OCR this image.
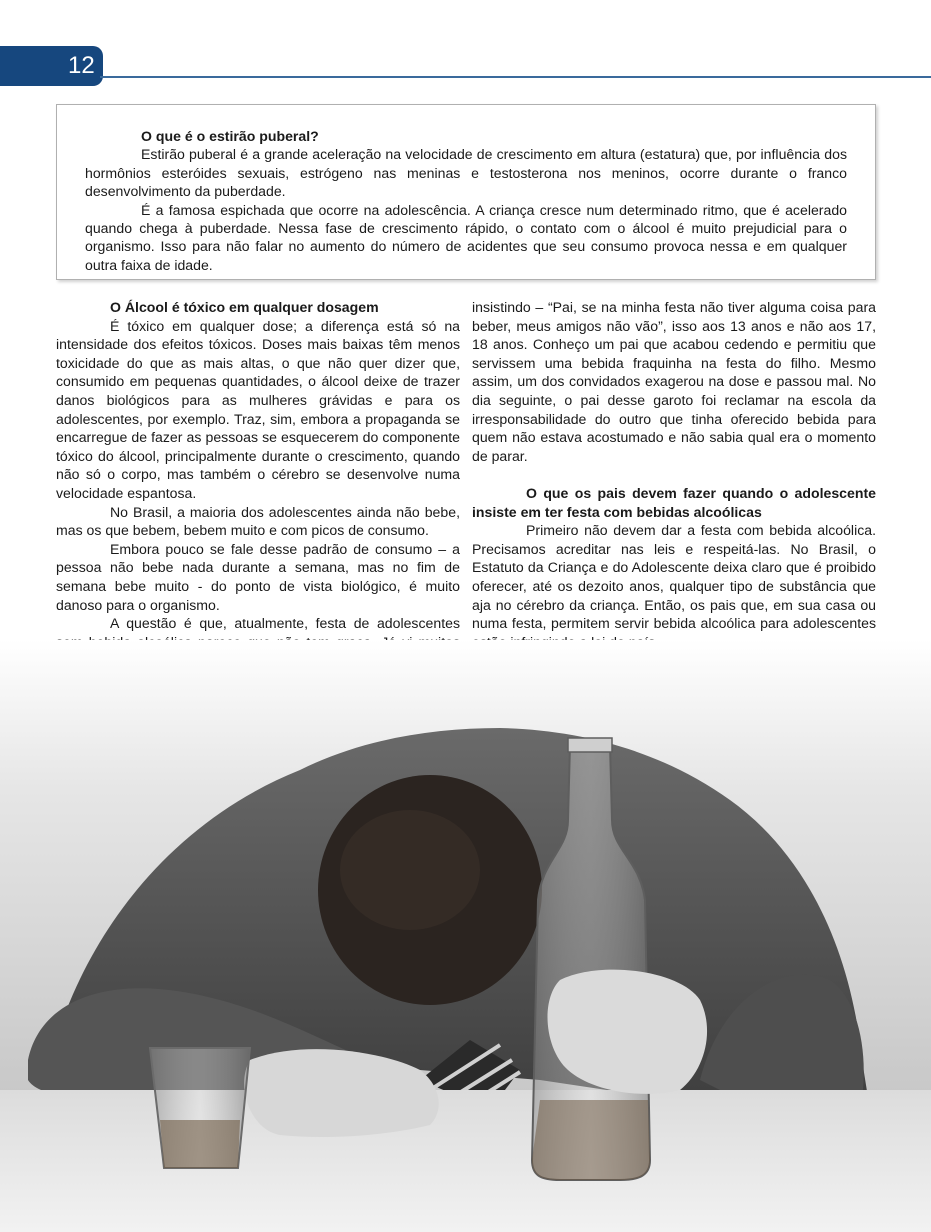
12
O que é o estirão puberal?

Estirão puberal é a grande aceleração na velocidade de crescimento em altura (estatura) que, por influência dos hormônios esteróides sexuais, estrógeno nas meninas e testosterona nos meninos, ocorre durante o franco desenvolvimento da puberdade.

É a famosa espichada que ocorre na adolescência. A criança cresce num determinado ritmo, que é acelerado quando chega à puberdade. Nessa fase de crescimento rápido, o contato com o álcool é muito prejudicial para o organismo. Isso para não falar no aumento do número de acidentes que seu consumo provoca nessa e em qualquer outra faixa de idade.

O Álcool é tóxico em qualquer dosagem

É tóxico em qualquer dose; a diferença está só na intensidade dos efeitos tóxicos. Doses mais baixas têm menos toxicidade do que as mais altas, o que não quer dizer que, consumido em pequenas quantidades, o álcool deixe de trazer danos biológicos para as mulheres grávidas e para os adolescentes, por exemplo. Traz, sim, embora a propaganda se encarregue de fazer as pessoas se esquecerem do componente tóxico do álcool, principalmente durante o crescimento, quando não só o corpo, mas também o cérebro se desenvolve numa velocidade espantosa.

No Brasil, a maioria dos adolescentes ainda não bebe, mas os que bebem, bebem muito e com picos de consumo.

Embora pouco se fale desse padrão de consumo – a pessoa não bebe nada durante a semana, mas no fim de semana bebe muito - do ponto de vista biológico, é muito danoso para o organismo.

A questão é que, atualmente, festa de adolescentes

insistindo – “Pai, se na minha festa não tiver alguma coisa para beber, meus amigos não vão”, isso aos 13 anos e não aos 17, 18 anos. Conheço um pai que acabou cedendo e permitiu que servissem uma bebida fraquinha na festa do filho. Mesmo assim, um dos convidados exagerou na dose e passou mal. No dia seguinte, o pai desse garoto foi reclamar na escola da irresponsabilidade do outro que tinha oferecido bebida para quem não estava acostumado e não sabia qual era o momento de parar.

O que os pais devem fazer quando o adolescente insiste em ter festa com bebidas alcoólicas

Primeiro não devem dar a festa com bebida alcoólica. Precisamos acreditar nas leis e respeitá-las. No Brasil, o Estatuto da Criança e do Adolescente deixa claro que é proibido oferecer, até os dezoito anos, qualquer tipo de substância que aja no cérebro da criança. Então, os pais que, em sua casa ou numa festa, permitem servir bebida alcoólica para adolescentes
